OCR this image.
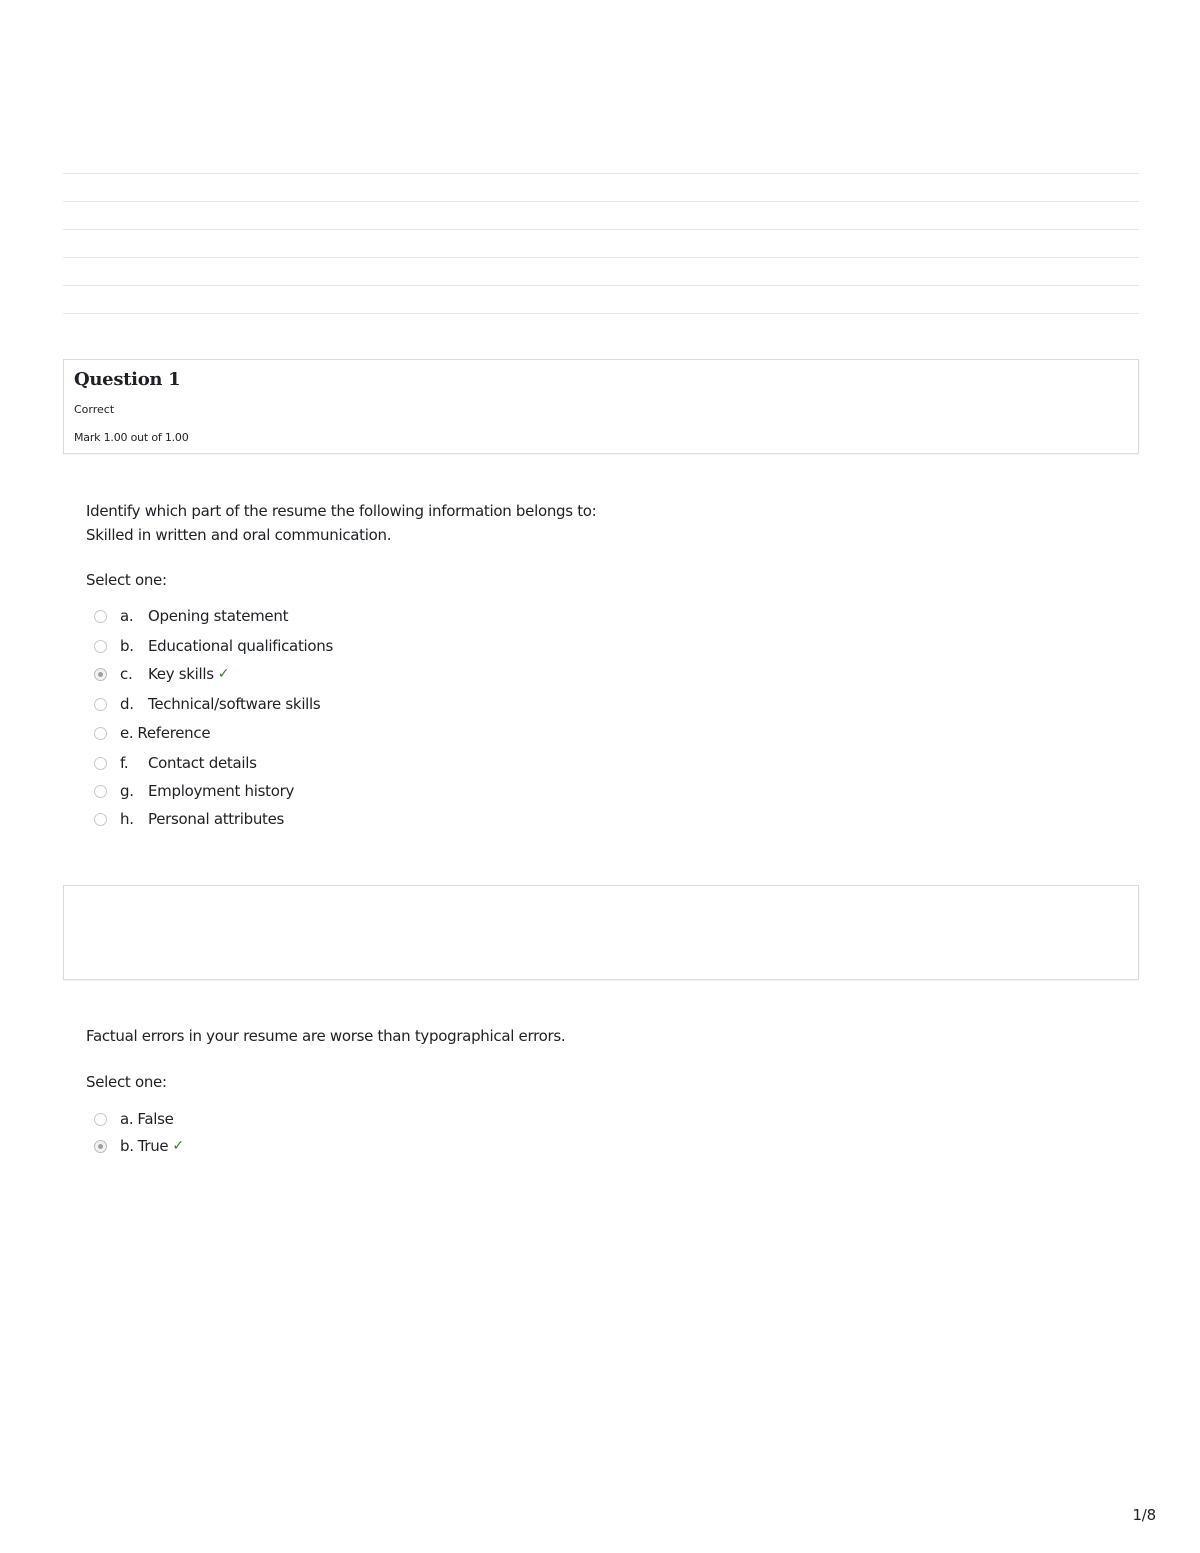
Question 1
Correct
Mark 1.00 out of 1.00
Identify which part of the resume the following information belongs to:
Skilled in written and oral communication.
Select one:
a. Opening statement
b. Educational qualifications
c.	Key skills ✓
d. Technical/software skills
e. Reference
f.	Contact details
g. Employment history
h. Personal attributes
Factual errors in your resume are worse than typographical errors.
Select one:
a. False
b. True ✓
1/8
